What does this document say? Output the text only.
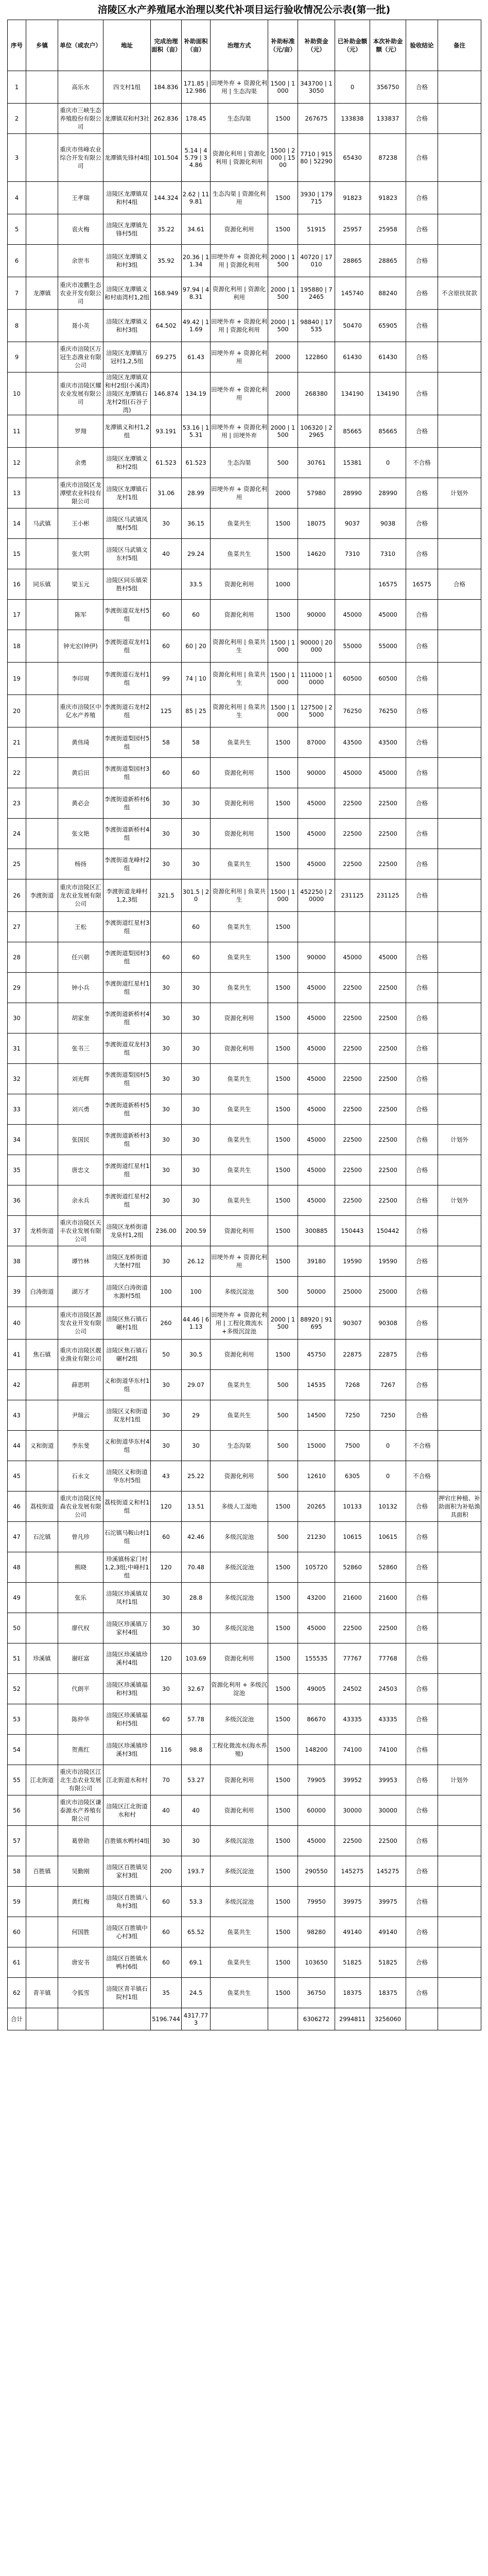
涪陵区水产养殖尾水治理以奖代补项目运行验收情况公示表(第一批)
序号	乡镇	单位（或农户）	地址	完成治理面积（亩）	补助面积（亩）	治理方式	补助标准（元/亩）	补助资金（元）	已补助金额（元）	本次补助金额（元）	验收结论	备注
1		高乐水	四支村1组	184.836	171.85 | 12.986	田埂外弃 + 资源化利用 | 生态沟渠	1500 | 1000	343700 | 13050	0	356750	合格	
2		重庆市三峡生态养殖股份有限公司	龙潭镇双和村3社	262.836	178.45	生态沟渠	1500	267675	133838	133837	合格	
3		重庆市伟峰农业综合开发有限公司	龙潭镇先锋村4组	101.504	5.14 | 45.79 | 34.86	资源化利用 | 资源化利用 | 资源化利用	1500 | 2000 | 1500	7710 | 91580 | 52290	65430	87238	合格	
4		王孝瑞	涪陵区龙潭镇双和村4组	144.324	2.62 | 119.81	生态沟渠 | 资源化利用	1500	3930 | 179715	91823	91823	合格	
5		袁火梅	涪陵区龙潭镇先锋村5组	35.22	34.61	资源化利用	1500	51915	25957	25958	合格	
6		余世韦	涪陵区龙潭镇义和村3组	35.92	20.36 | 11.34	田埂外弃 + 资源化利用 | 资源化利用	2000 | 1500	40720 | 17010	28865	28865	合格	
7	龙潭镇	重庆市凌鹏生态农业开发有限公司	涪陵区龙潭镇义和村庙湾村1,2组	168.949	97.94 | 48.31	资源化利用 | 资源化利用	2000 | 1500	195880 | 72465	145740	88240	合格	不含原扶贫款
8		聂小英	涪陵区龙潭镇义和村3组	64.502	49.42 | 11.69	田埂外弃 + 资源化利用 | 资源化利用	2000 | 1500	98840 | 17535	50470	65905	合格	
9		重庆市涪陵区万冠生态渔业有限公司	涪陵区龙潭镇万冠村1,2,5组	69.275	61.43	田埂外弃 + 资源化利用	2000	122860	61430	61430	合格	
10		重庆市涪陵区耀农业发展有限公司	涪陵区龙潭镇双和村2组(小溪湾)涪陵区龙潭镇石龙村2组(石谷子湾)	146.874	134.19	田埂外弃 + 资源化利用	2000	268380	134190	134190	合格	
11		罗翔	龙潭镇义和村1,2组	93.191	53.16 | 15.31	田埂外弃 + 资源化利用 | 田埂外弃	2000 | 1500	106320 | 22965	85665	85665	合格	
12		余勇	涪陵区龙潭镇义和村2组	61.523	61.523	生态沟渠	500	30761	15381	0	不合格	
13		重庆市涪陵区龙潭壁农业科技有限公司	涪陵区龙潭镇石龙村1组	31.06	28.99	田埂外弃 + 资源化利用	2000	57980	28990	28990	合格	计划外
14	马武镇	王小彬	涪陵区马武镇凤凰村5组	30	36.15	鱼菜共生	1500	18075	9037	9038	合格	
15		张大明	涪陵区马武镇文东村5组	40	29.24	鱼菜共生	1500	14620	7310	7310	合格	
16	同乐镇	梁玉元	涪陵区同乐镇荣胜村5组		33.5	资源化利用	1000			16575	16575	合格
17		陈军	李渡街道双龙村5组	60	60	资源化利用	1500	90000	45000	45000	合格	
18		钟光宏(钟伊)	李渡街道双龙村1组	60	60 | 20	资源化利用 | 鱼菜共生	1500 | 1000	90000 | 20000	55000	55000	合格	
19		李印周	李渡街道石龙村1组	99	74 | 10	资源化利用 | 鱼菜共生	1500 | 1000	111000 | 10000	60500	60500	合格	
20		重庆市涪陵区中亿水产养殖	李渡街道石龙村2组	125	85 | 25	资源化利用 | 鱼菜共生	1500 | 1000	127500 | 25000	76250	76250	合格	
21		黄伟琦	李渡街道梨园村5组	58	58	鱼菜共生	1500	87000	43500	43500	合格	
22		黄后田	李渡街道梨园村3组	60	60	资源化利用	1500	90000	45000	45000	合格	
23		黄必会	李渡街道新桥村6组	30	30	资源化利用	1500	45000	22500	22500	合格	
24		张文艳	李渡街道新桥村4组	30	30	资源化利用	1500	45000	22500	22500	合格	
25		杨扬	李渡街道龙峰村2组	30	30	鱼菜共生	1500	45000	22500	22500	合格	
26	李渡街道	重庆市涪陵区汇龙农业发展有限公司	李渡街道龙峰村1,2,3组	321.5	301.5 | 20	资源化利用 | 鱼菜共生	1500 | 1000	452250 | 20000	231125	231125	合格	
27		王松	李渡街道红星村3组		60	鱼菜共生	1500					
28		任兴朝	李渡街道梨园村3组	60	60	鱼菜共生	1500	90000	45000	45000	合格	
29		钟小兵	李渡街道红星村1组	30	30	鱼菜共生	1500	45000	22500	22500	合格	
30		胡家奎	李渡街道新桥村4组	30	30	资源化利用	1500	45000	22500	22500	合格	
31		张书三	李渡街道双龙村3组	30	30	资源化利用	1500	45000	22500	22500	合格	
32		刘光辉	李渡街道梨园村5组	30	30	鱼菜共生	1500	45000	22500	22500	合格	
33		刘兴勇	李渡街道新桥村5组	30	30	鱼菜共生	1500	45000	22500	22500	合格	
34		张国民	李渡街道新桥村3组	30	30	鱼菜共生	1500	45000	22500	22500	合格	计划外
35		唐忠文	李渡街道红星村1组	30	30	鱼菜共生	1500	45000	22500	22500	合格	
36		余永兵	李渡街道红星村2组	30	30	鱼菜共生	1500	45000	22500	22500	合格	计划外
37	龙桥街道	重庆市涪陵区天丰农业发展有限公司	涪陵区龙桥街道龙泉村1,2组	236.00	200.59	资源化利用	1500	300885	150443	150442	合格	
38		谭竹林	涪陵区龙桥街道大堡村7组	30	26.12	田埂外弃 + 资源化利用	1500	39180	19590	19590	合格	
39	白涛街道	湖万才	涪陵区白涛街道水源村5组	100	100	多级沉淀池	500	50000	25000	25000	合格	
40		重庆市涪陵区源发农业开发有限公司	涪陵区焦石镇石碾村1组	260	44.46 | 61.13	田埂外弃 + 资源化利用 | 工程化微流水+多级沉淀池	2000 | 1500	88920 | 91695	90307	90308	合格	
41	焦石镇	重庆市涪陵区靓业渔业有限公司	涪陵区焦石镇石碾村2组	50	30.5	资源化利用	1500	45750	22875	22875	合格	
42		薛思明	义和街道华东村1组	30	29.07	鱼菜共生	500	14535	7268	7267	合格	
43		尹瑞云	涪陵区义和街道双龙村1组	30	29	鱼菜共生	500	14500	7250	7250	合格	
44	义和街道	李东斐	义和街道华东村4组	30	30	生态沟渠	500	15000	7500	0	不合格	
45		石永文	涪陵区义和街道华东村5组	43	25.22	资源化利用	500	12610	6305	0	不合格	
46	荔枝街道	重庆市涪陵区纯森农业发展有限公司	荔枝街道义和村1组	120	13.51	多级人工湿地	1500	20265	10133	10132	合格	押宕庄种植、补助面积为补贴渔具面积
47	石沱镇	曾凡珍	石沱镇马鞍山村1组	60	42.46	多级沉淀池	500	21230	10615	10615	合格	
48		熊晓	珍溪镇杨家门村1,2,3组;中峰村1组	120	70.48	多级沉淀池	1500	105720	52860	52860	合格	
49		张乐	涪陵区珍溪镇双凤村1组	30	28.8	多级沉淀池	1500	43200	21600	21600	合格	
50		廖代权	涪陵区珍溪镇万家村4组	30	30	多级沉淀池	1500	45000	22500	22500	合格	
51	珍溪镇	谢旺富	涪陵区珍溪镇珍溪村4组	120	103.69	资源化利用	1500	155535	77767	77768	合格	
52		代朗平	涪陵区珍溪镇福和村3组	30	32.67	资源化利用 + 多级沉淀池	1500	49005	24502	24503	合格	
53		陈仲华	涪陵区珍溪镇福和村5组	60	57.78	多级沉淀池	1500	86670	43335	43335	合格	
54		贺燕红	涪陵区珍溪镇珍溪村3组	116	98.8	工程化微流水(海水养殖)	1500	148200	74100	74100	合格	
55	江北街道	重庆市涪陵区江北生态农业发展有限公司	江北街道水和村	70	53.27	资源化利用	1500	79905	39952	39953	合格	计划外
56		重庆市涪陵区谦泰源水产养殖有限公司	涪陵区江北街道水和村	40	40	资源化利用	1500	60000	30000	30000	合格	
57		葛曾勋	百胜镇水鸭村4组	30	30	多级沉淀池	1500	45000	22500	22500	合格	
58	百胜镇	吴勤刚	涪陵区百胜镇吴家村3组	200	193.7	多级沉淀池	1500	290550	145275	145275	合格	
59		黄红梅	涪陵区百胜镇八角村3组	60	53.3	多级沉淀池	1500	79950	39975	39975	合格	
60		何国胜	涪陵区百胜镇中心村3组	60	65.52	鱼菜共生	1500	98280	49140	49140	合格	
61		唐安书	涪陵区百胜镇水鸭村6组	60	69.1	鱼菜共生	1500	103650	51825	51825	合格	
62	青羊镇	令狐雪	涪陵区青羊镇石院村1组	35	24.5	鱼菜共生	1500	36750	18375	18375	合格	
合计				5196.744	4317.773			6306272	2994811	3256060		
